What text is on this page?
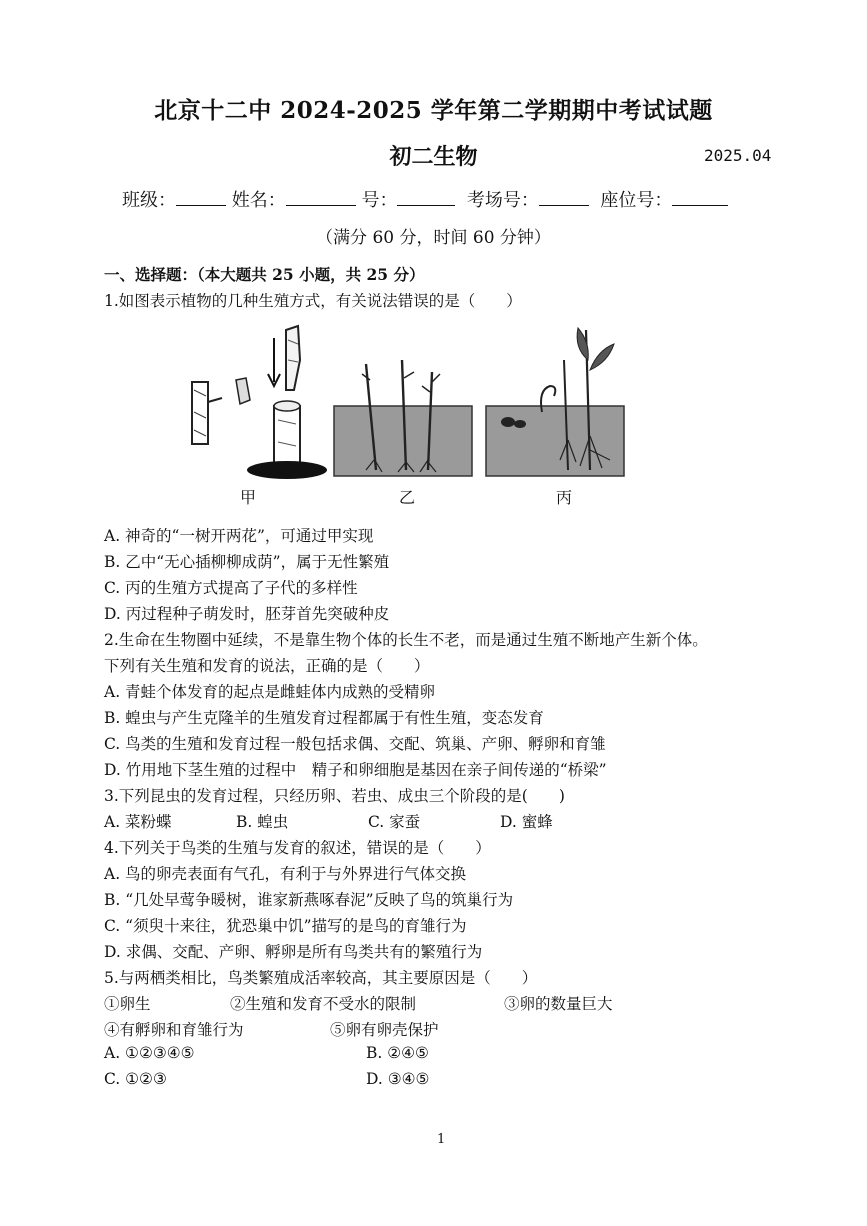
北京十二中 2024-2025 学年第二学期期中考试试题
初二生物	2025.04
班级：	姓名：	号：	考场号：	座位号：
（满分 60 分，时间 60 分钟）
一、选择题：（本大题共 25 小题，共 25 分）
1.如图表示植物的几种生殖方式，有关说法错误的是（　　）
甲	乙	丙
A. 神奇的“一树开两花”，可通过甲实现
B. 乙中“无心插柳柳成荫”，属于无性繁殖
C. 丙的生殖方式提高了子代的多样性
D. 丙过程种子萌发时，胚芽首先突破种皮
2.生命在生物圈中延续，不是靠生物个体的长生不老，而是通过生殖不断地产生新个体。
下列有关生殖和发育的说法，正确的是（　　）
A. 青蛙个体发育的起点是雌蛙体内成熟的受精卵
B. 蝗虫与产生克隆羊的生殖发育过程都属于有性生殖，变态发育
C. 鸟类的生殖和发育过程一般包括求偶、交配、筑巢、产卵、孵卵和育雏
D. 竹用地下茎生殖的过程中　精子和卵细胞是基因在亲子间传递的“桥梁”
3.下列昆虫的发育过程，只经历卵、若虫、成虫三个阶段的是(　　)
A. 菜粉蝶	B. 蝗虫	C. 家蚕	D. 蜜蜂
4.下列关于鸟类的生殖与发育的叙述，错误的是（　　）
A. 鸟的卵壳表面有气孔，有利于与外界进行气体交换
B. “几处早莺争暖树，谁家新燕啄春泥”反映了鸟的筑巢行为
C. “须臾十来往，犹恐巢中饥”描写的是鸟的育雏行为
D. 求偶、交配、产卵、孵卵是所有鸟类共有的繁殖行为
5.与两栖类相比，鸟类繁殖成活率较高，其主要原因是（　　）
①卵生	②生殖和发育不受水的限制	③卵的数量巨大
④有孵卵和育雏行为	⑤卵有卵壳保护
A. ①②③④⑤	B. ②④⑤
C. ①②③	D. ③④⑤
1
